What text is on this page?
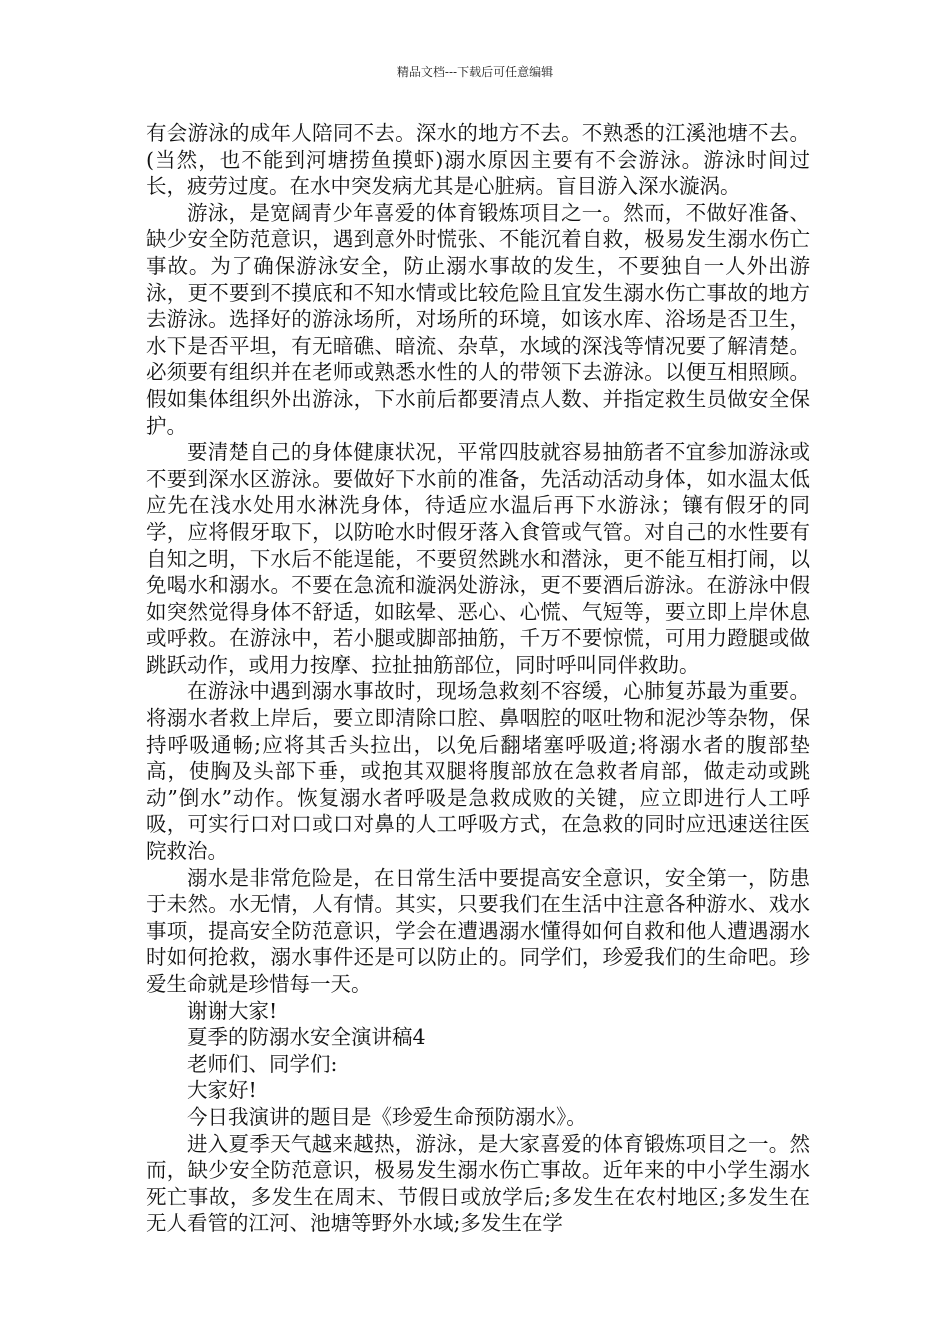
精品文档---下载后可任意编辑

有会游泳的成年人陪同不去。深水的地方不去。不熟悉的江溪池塘不去。(当然，也不能到河塘捞鱼摸虾)溺水原因主要有不会游泳。游泳时间过长，疲劳过度。在水中突发病尤其是心脏病。盲目游入深水漩涡。

游泳，是宽阔青少年喜爱的体育锻炼项目之一。然而，不做好准备、缺少安全防范意识，遇到意外时慌张、不能沉着自救，极易发生溺水伤亡事故。为了确保游泳安全，防止溺水事故的发生，不要独自一人外出游泳，更不要到不摸底和不知水情或比较危险且宜发生溺水伤亡事故的地方去游泳。选择好的游泳场所，对场所的环境，如该水库、浴场是否卫生，水下是否平坦，有无暗礁、暗流、杂草，水域的深浅等情况要了解清楚。必须要有组织并在老师或熟悉水性的人的带领下去游泳。以便互相照顾。假如集体组织外出游泳，下水前后都要清点人数、并指定救生员做安全保护。

要清楚自己的身体健康状况，平常四肢就容易抽筋者不宜参加游泳或不要到深水区游泳。要做好下水前的准备，先活动活动身体，如水温太低应先在浅水处用水淋洗身体，待适应水温后再下水游泳；镶有假牙的同学，应将假牙取下，以防呛水时假牙落入食管或气管。对自己的水性要有自知之明，下水后不能逞能，不要贸然跳水和潜泳，更不能互相打闹，以免喝水和溺水。不要在急流和漩涡处游泳，更不要酒后游泳。在游泳中假如突然觉得身体不舒适，如眩晕、恶心、心慌、气短等，要立即上岸休息或呼救。在游泳中，若小腿或脚部抽筋，千万不要惊慌，可用力蹬腿或做跳跃动作，或用力按摩、拉扯抽筋部位，同时呼叫同伴救助。

在游泳中遇到溺水事故时，现场急救刻不容缓，心肺复苏最为重要。将溺水者救上岸后，要立即清除口腔、鼻咽腔的呕吐物和泥沙等杂物，保持呼吸通畅;应将其舌头拉出，以免后翻堵塞呼吸道;将溺水者的腹部垫高，使胸及头部下垂，或抱其双腿将腹部放在急救者肩部，做走动或跳动”倒水”动作。恢复溺水者呼吸是急救成败的关键，应立即进行人工呼吸，可实行口对口或口对鼻的人工呼吸方式，在急救的同时应迅速送往医院救治。

溺水是非常危险是，在日常生活中要提高安全意识，安全第一，防患于未然。水无情，人有情。其实，只要我们在生活中注意各种游水、戏水事项，提高安全防范意识，学会在遭遇溺水懂得如何自救和他人遭遇溺水时如何抢救，溺水事件还是可以防止的。同学们，珍爱我们的生命吧。珍爱生命就是珍惜每一天。

谢谢大家!

夏季的防溺水安全演讲稿4

老师们、同学们:

大家好!

今日我演讲的题目是《珍爱生命预防溺水》。

进入夏季天气越来越热，游泳，是大家喜爱的体育锻炼项目之一。然而，缺少安全防范意识，极易发生溺水伤亡事故。近年来的中小学生溺水死亡事故，多发生在周末、节假日或放学后;多发生在农村地区;多发生在无人看管的江河、池塘等野外水域;多发生在学
